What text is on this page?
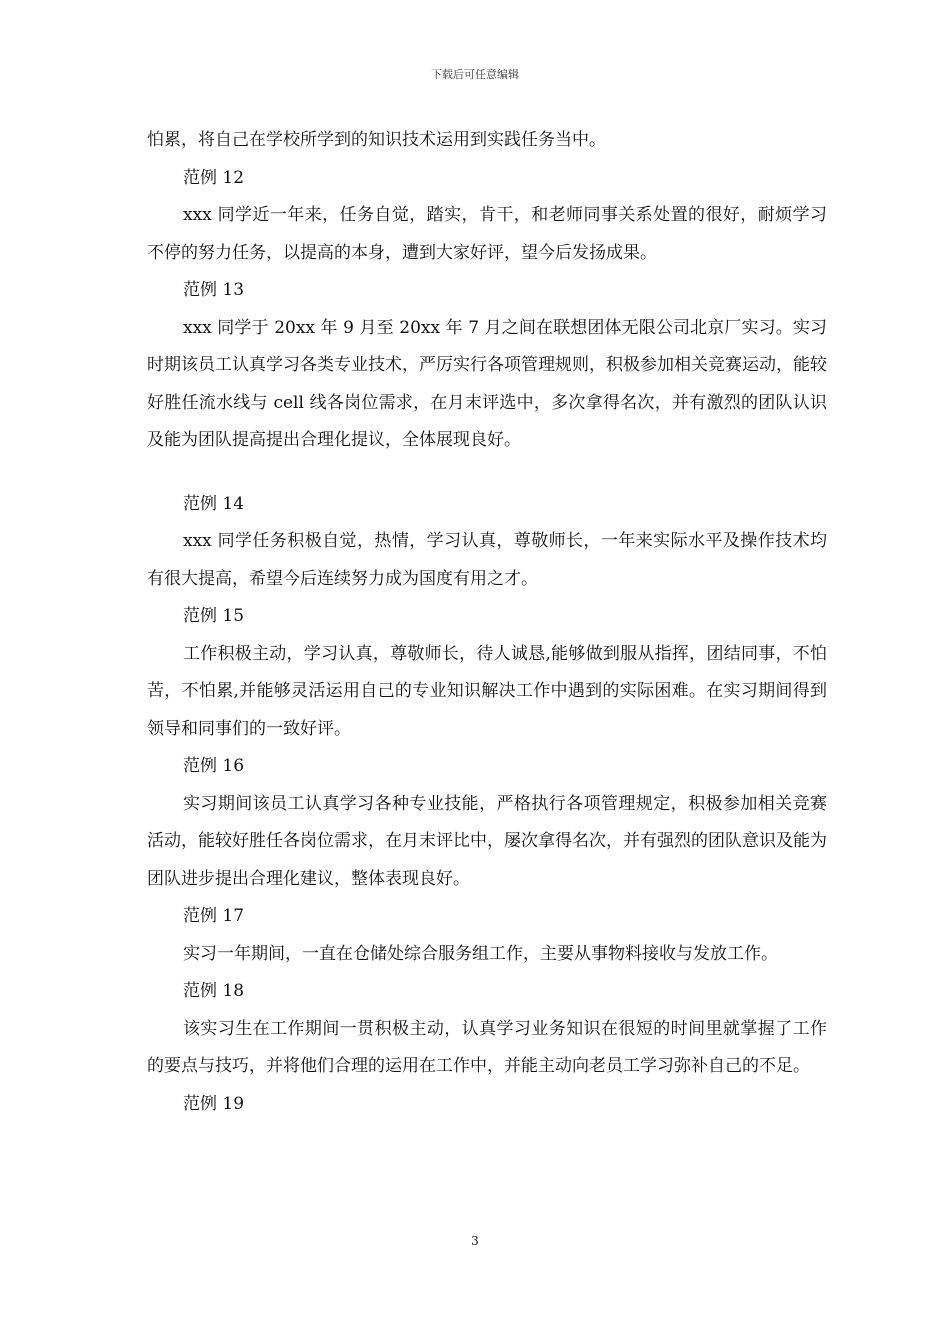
下载后可任意编辑

怕累，将自己在学校所学到的知识技术运用到实践任务当中。

范例 12

xxx 同学近一年来，任务自觉，踏实，肯干，和老师同事关系处置的很好，耐烦学习不停的努力任务，以提高的本身，遭到大家好评，望今后发扬成果。

范例 13

xxx 同学于 20xx 年 9 月至 20xx 年 7 月之间在联想团体无限公司北京厂实习。实习时期该员工认真学习各类专业技术，严厉实行各项管理规则，积极参加相关竞赛运动，能较好胜任流水线与 cell 线各岗位需求，在月末评选中，多次拿得名次，并有激烈的团队认识及能为团队提高提出合理化提议，全体展现良好。

范例 14

xxx 同学任务积极自觉，热情，学习认真，尊敬师长，一年来实际水平及操作技术均有很大提高，希望今后连续努力成为国度有用之才。

范例 15

工作积极主动，学习认真，尊敬师长，待人诚恳,能够做到服从指挥，团结同事，不怕苦，不怕累,并能够灵活运用自己的专业知识解决工作中遇到的实际困难。在实习期间得到领导和同事们的一致好评。

范例 16

实习期间该员工认真学习各种专业技能，严格执行各项管理规定，积极参加相关竞赛活动，能较好胜任各岗位需求，在月末评比中，屡次拿得名次，并有强烈的团队意识及能为团队进步提出合理化建议，整体表现良好。

范例 17

实习一年期间，一直在仓储处综合服务组工作，主要从事物料接收与发放工作。

范例 18

该实习生在工作期间一贯积极主动，认真学习业务知识在很短的时间里就掌握了工作的要点与技巧，并将他们合理的运用在工作中，并能主动向老员工学习弥补自己的不足。

范例 19

3
